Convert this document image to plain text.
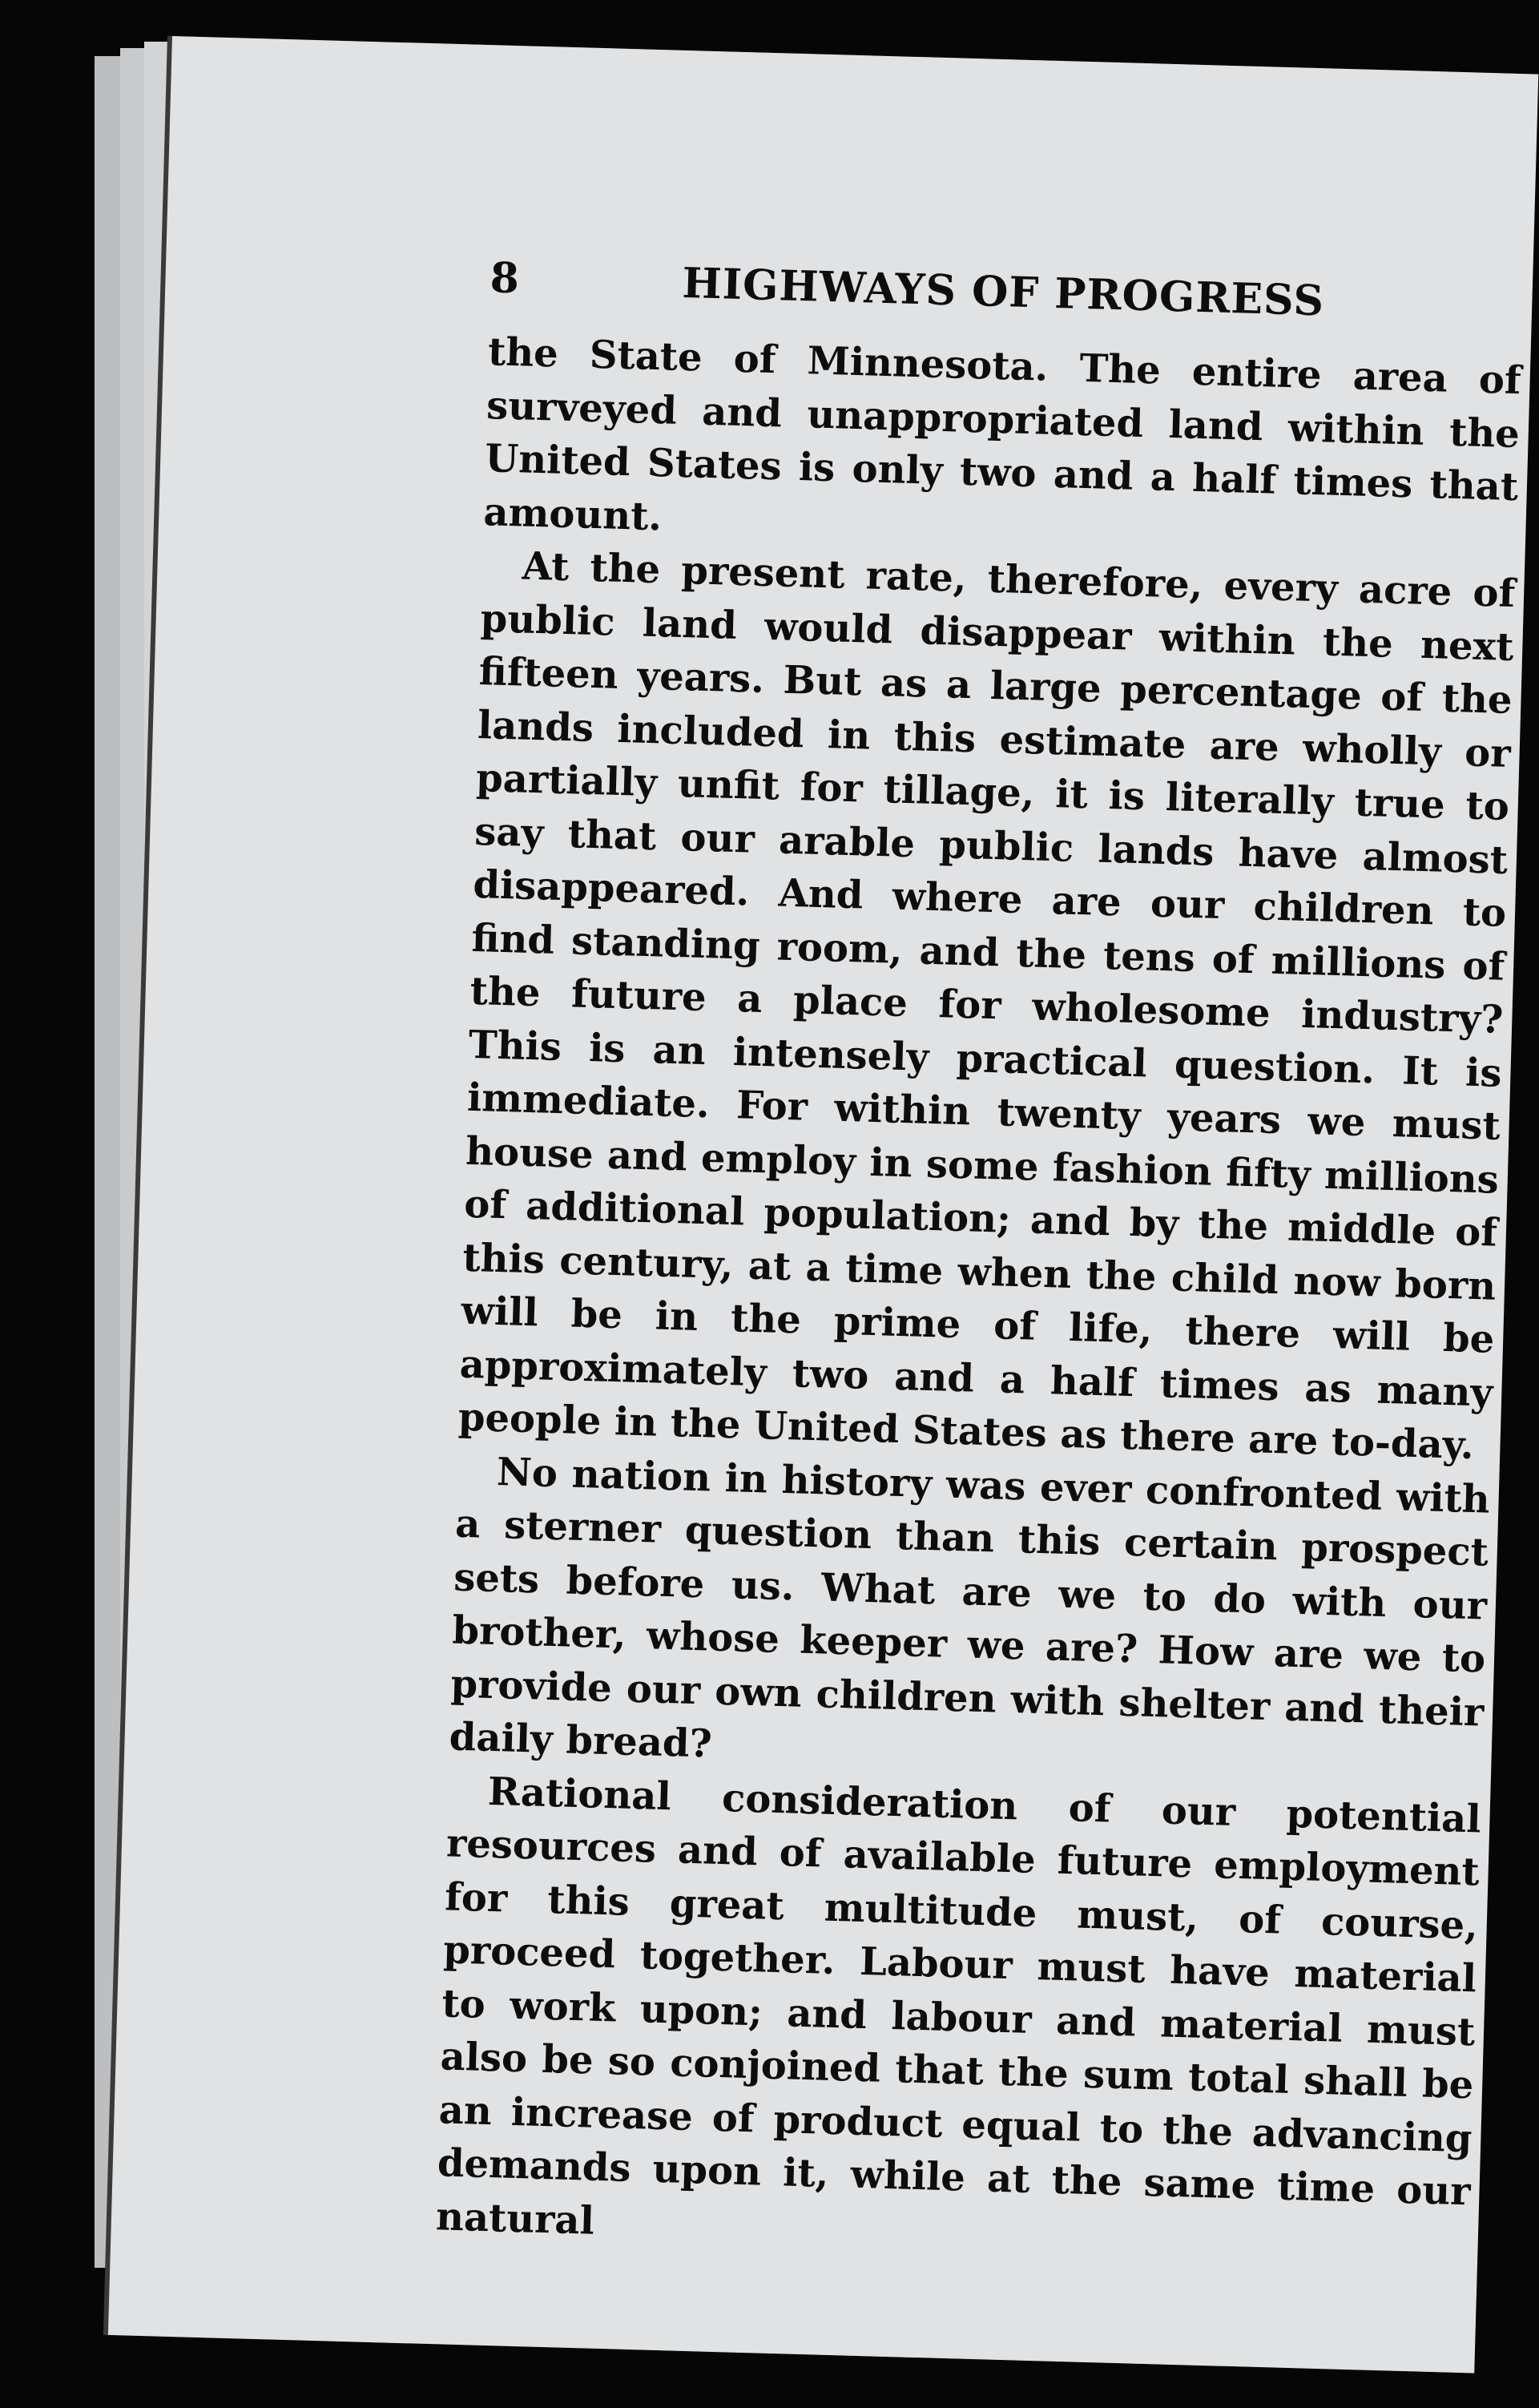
8	HIGHWAYS OF PROGRESS

the State of Minnesota. The entire area of surveyed and unappropriated land within the United States is only two and a half times that amount.

At the present rate, therefore, every acre of public land would disappear within the next fifteen years. But as a large percentage of the lands included in this estimate are wholly or partially unfit for tillage, it is literally true to say that our arable public lands have almost disappeared. And where are our children to find standing room, and the tens of millions of the future a place for wholesome industry? This is an intensely practical question. It is immediate. For within twenty years we must house and employ in some fashion fifty millions of additional population; and by the middle of this century, at a time when the child now born will be in the prime of life, there will be approximately two and a half times as many people in the United States as there are to-day.

No nation in history was ever confronted with a sterner question than this certain prospect sets before us. What are we to do with our brother, whose keeper we are? How are we to provide our own children with shelter and their daily bread?

Rational consideration of our potential resources and of available future employment for this great multitude must, of course, proceed together. Labour must have material to work upon; and labour and material must also be so conjoined that the sum total shall be an increase of product equal to the advancing demands upon it, while at the same time our natural
